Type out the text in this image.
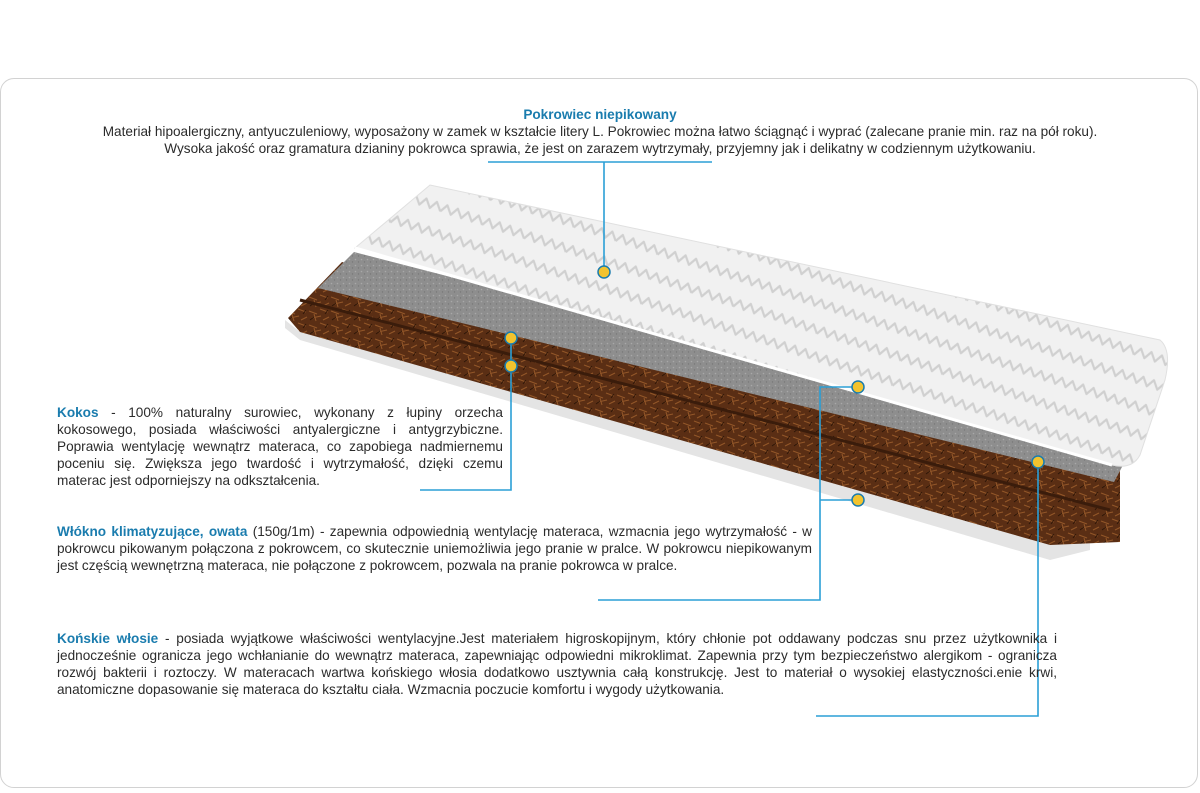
Pokrowiec niepikowany
Materiał hipoalergiczny, antyuczuleniowy, wyposażony w zamek w kształcie litery L. Pokrowiec można łatwo ściągnąć i wyprać (zalecane pranie min. raz na pół roku).
Wysoka jakość oraz gramatura dzianiny pokrowca sprawia, że jest on zarazem wytrzymały, przyjemny jak i delikatny w codziennym użytkowaniu.
Kokos - 100% naturalny surowiec, wykonany z łupiny orzecha kokosowego, posiada właściwości antyalergiczne i antygrzybiczne. Poprawia wentylację wewnątrz materaca, co zapobiega nadmiernemu poceniu się. Zwiększa jego twardość i wytrzymałość, dzięki czemu materac jest odporniejszy na odkształcenia.
Włókno klimatyzujące, owata (150g/1m) - zapewnia odpowiednią wentylację materaca, wzmacnia jego wytrzymałość - w pokrowcu pikowanym połączona z pokrowcem, co skutecznie uniemożliwia jego pranie w pralce. W pokrowcu niepikowanym jest częścią wewnętrzną materaca, nie połączone z pokrowcem, pozwala na pranie pokrowca w pralce.
Końskie włosie - posiada wyjątkowe właściwości wentylacyjne.Jest materiałem higroskopijnym, który chłonie pot oddawany podczas snu przez użytkownika i jednocześnie ograniczа jego wchłanianie do wewnątrz materaca, zapewniając odpowiedni mikroklimat. Zapewnia przy tym bezpieczeństwo alergikom - ogranicza rozwój bakterii i roztoczy. W materacach wartwa końskiego włosia dodatkowo usztywnia całą konstrukcję. Jest to materiał o wysokiej elastyczności.enie krwi, anatomiczne dopasowanie się materaca do kształtu ciała. Wzmacnia poczucie komfortu i wygody użytkowania.
